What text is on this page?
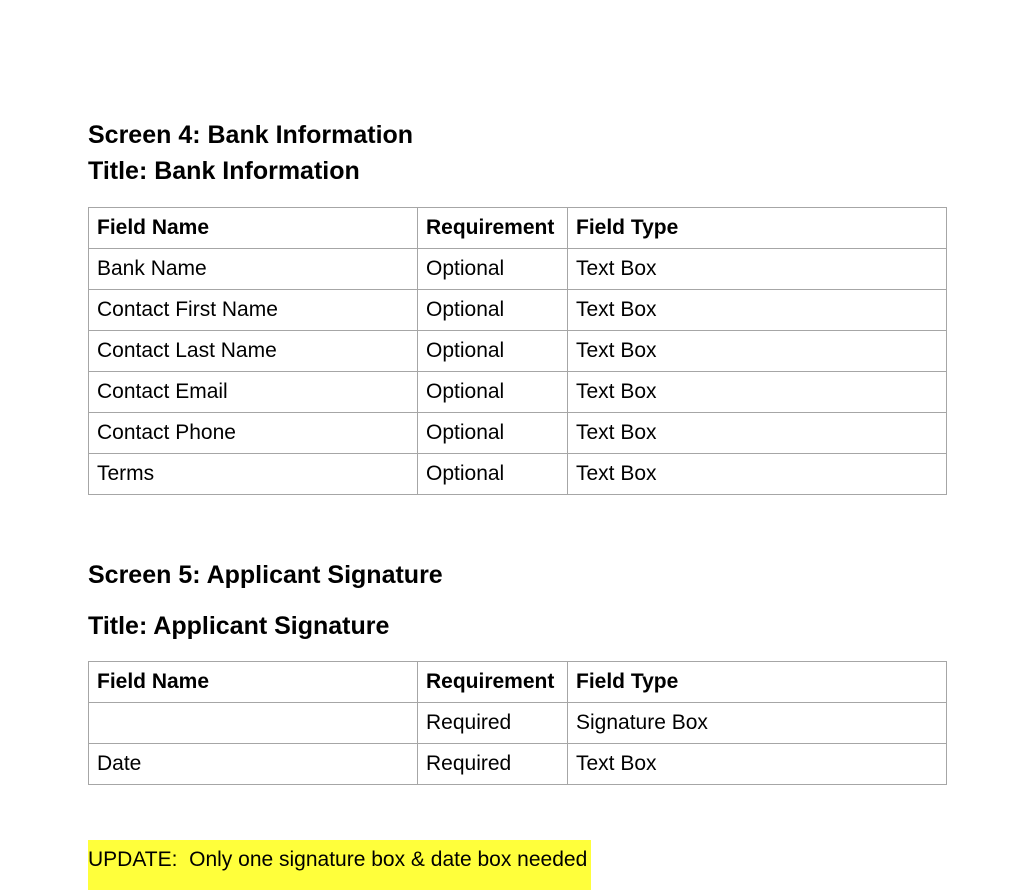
Screen 4: Bank Information
Title: Bank Information
Field Name	Requirement	Field Type
Bank Name	Optional	Text Box
Contact First Name	Optional	Text Box
Contact Last Name	Optional	Text Box
Contact Email	Optional	Text Box
Contact Phone	Optional	Text Box
Terms	Optional	Text Box
Screen 5: Applicant Signature
Title: Applicant Signature
Field Name	Requirement	Field Type
	Required	Signature Box
Date	Required	Text Box
UPDATE:  Only one signature box & date box needed
